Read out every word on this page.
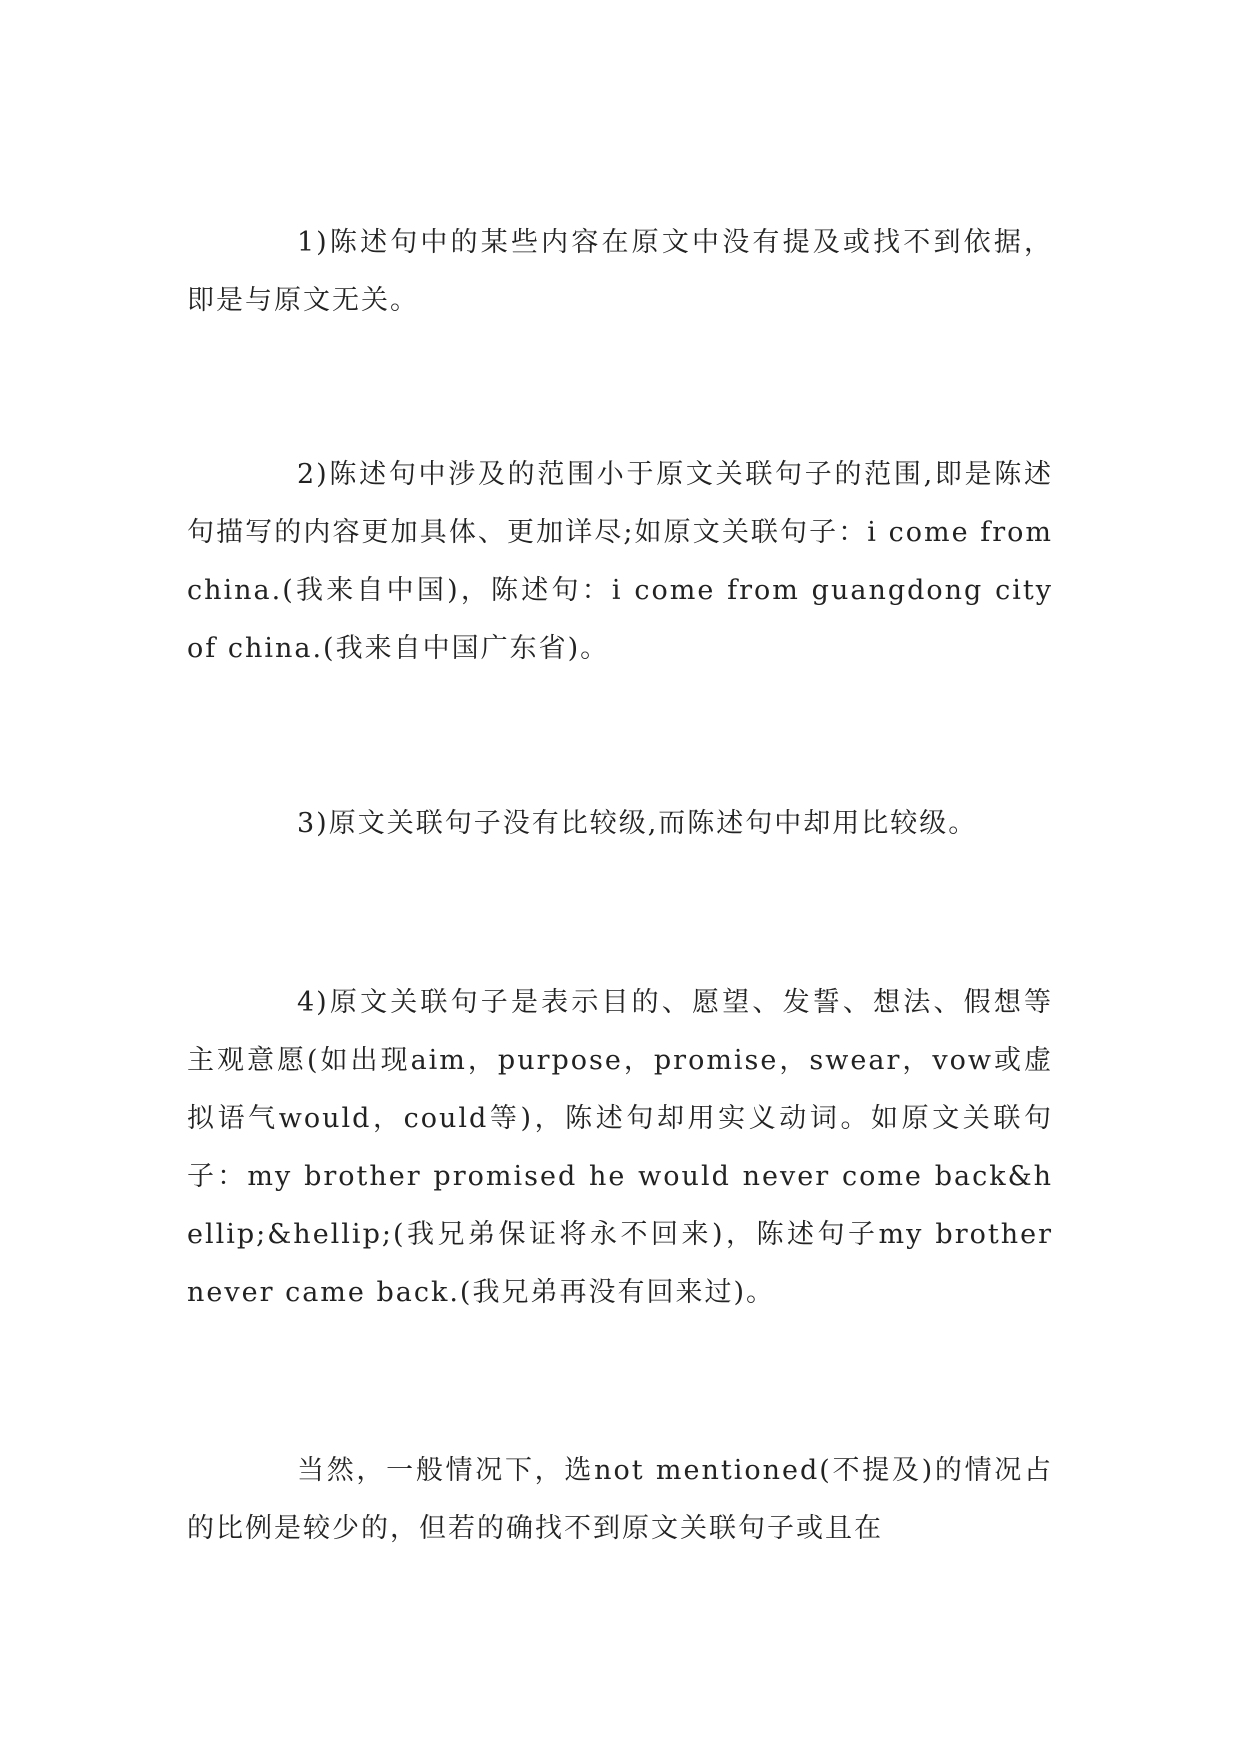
1)陈述句中的某些内容在原文中没有提及或找不到依据，即是与原文无关。

2)陈述句中涉及的范围小于原文关联句子的范围,即是陈述句描写的内容更加具体、更加详尽;如原文关联句子：i come from china.(我来自中国)，陈述句：i come from guangdong city of china.(我来自中国广东省)。

3)原文关联句子没有比较级,而陈述句中却用比较级。

4)原文关联句子是表示目的、愿望、发誓、想法、假想等主观意愿(如出现aim，purpose，promise，swear，vow或虚拟语气would，could等)，陈述句却用实义动词。如原文关联句子：my brother promised he would never come back&hellip;&hellip;(我兄弟保证将永不回来)，陈述句子my brother never came back.(我兄弟再没有回来过)。

当然，一般情况下，选not mentioned(不提及)的情况占的比例是较少的，但若的确找不到原文关联句子或且在
